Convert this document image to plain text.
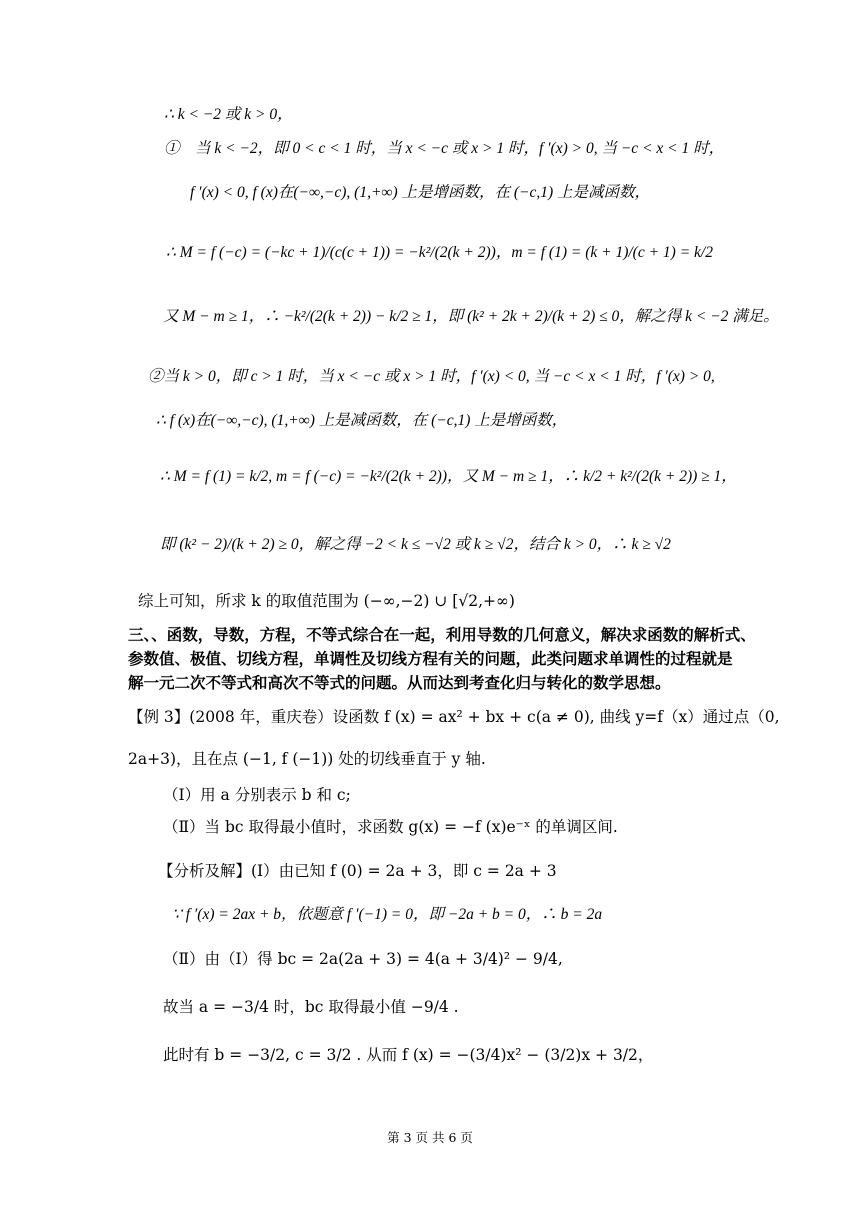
∴ k < −2 或 k > 0，
①　当 k < −2，即 0 < c < 1 时，当 x < −c 或 x > 1 时，f ′(x) > 0, 当 −c < x < 1 时，
f ′(x) < 0, f (x)在(−∞,−c), (1,+∞) 上是增函数，在 (−c,1) 上是减函数，
∴ M = f (−c) = (−kc + 1)/(c(c + 1)) = −k²/(2(k + 2))，m = f (1) = (k + 1)/(c + 1) = k/2
又 M − m ≥ 1，∴ −k²/(2(k + 2)) − k/2 ≥ 1，即 (k² + 2k + 2)/(k + 2) ≤ 0，解之得 k < −2 满足。
②当 k > 0，即 c > 1 时，当 x < −c 或 x > 1 时，f ′(x) < 0, 当 −c < x < 1 时，f ′(x) > 0,
∴ f (x)在(−∞,−c), (1,+∞) 上是减函数，在 (−c,1) 上是增函数，
∴ M = f (1) = k/2, m = f (−c) = −k²/(2(k + 2))，又 M − m ≥ 1，∴ k/2 + k²/(2(k + 2)) ≥ 1，
即 (k² − 2)/(k + 2) ≥ 0，解之得 −2 < k ≤ −√2 或 k ≥ √2，结合 k > 0，∴ k ≥ √2
综上可知，所求 k 的取值范围为 (−∞,−2) ∪ [√2,+∞)
三、、函数，导数，方程，不等式综合在一起，利用导数的几何意义，解决求函数的解析式、
参数值、极值、切线方程，单调性及切线方程有关的问题，此类问题求单调性的过程就是
解一元二次不等式和高次不等式的问题。从而达到考查化归与转化的数学思想。
【例 3】(2008 年，重庆卷）设函数 f (x) = ax² + bx + c(a ≠ 0), 曲线 y=f（x）通过点（0,
2a+3)，且在点 (−1, f (−1)) 处的切线垂直于 y 轴.
（Ⅰ）用 a 分别表示 b 和 c;
（Ⅱ）当 bc 取得最小值时，求函数 g(x) = −f (x)e⁻ˣ 的单调区间.
【分析及解】(Ⅰ）由已知 f (0) = 2a + 3，即 c = 2a + 3
∵ f ′(x) = 2ax + b，依题意 f ′(−1) = 0，即 −2a + b = 0，∴ b = 2a
（Ⅱ）由（Ⅰ）得 bc = 2a(2a + 3) = 4(a + 3/4)² − 9/4,
故当 a = −3/4 时，bc 取得最小值 −9/4 .
此时有 b = −3/2, c = 3/2 . 从而 f (x) = −(3/4)x² − (3/2)x + 3/2，
第 3 页 共 6 页
